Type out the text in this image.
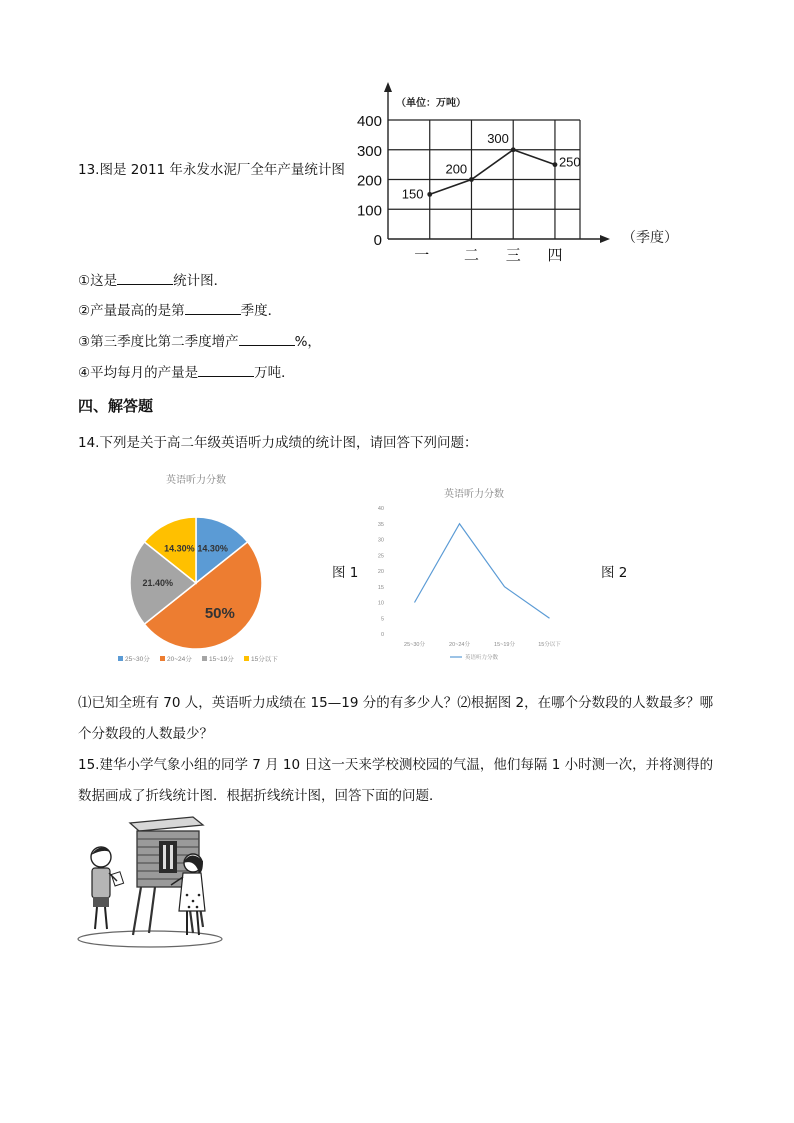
13.图是 2011 年永发水泥厂全年产量统计图
0
100
200
300
400
一 二 三 四
150
200
300
250
（单位：万吨）
（季度）
①这是	统计图．
②产量最高的是第	季度．
③第三季度比第二季度增产	%，
④平均每月的产量是	万吨．
四、解答题
14.下列是关于高二年级英语听力成绩的统计图，请回答下列问题：
英语听力分数
14.30%
50%
21.40%
14.30%
25~30分	20~24分	15~19分	15分以下
图 1
英语听力分数
0
5
10
15
20
25
30
35
40
25~30分	20~24分	15~19分	15分以下
英语听力分数
图 2
⑴已知全班有 70 人，英语听力成绩在 15—19 分的有多少人？⑵根据图 2，在哪个分数段的人数最多？哪
个分数段的人数最少？
15.建华小学气象小组的同学 7 月 10 日这一天来学校测校园的气温，他们每隔 1 小时测一次，并将测得的
数据画成了折线统计图．根据折线统计图，回答下面的问题．
